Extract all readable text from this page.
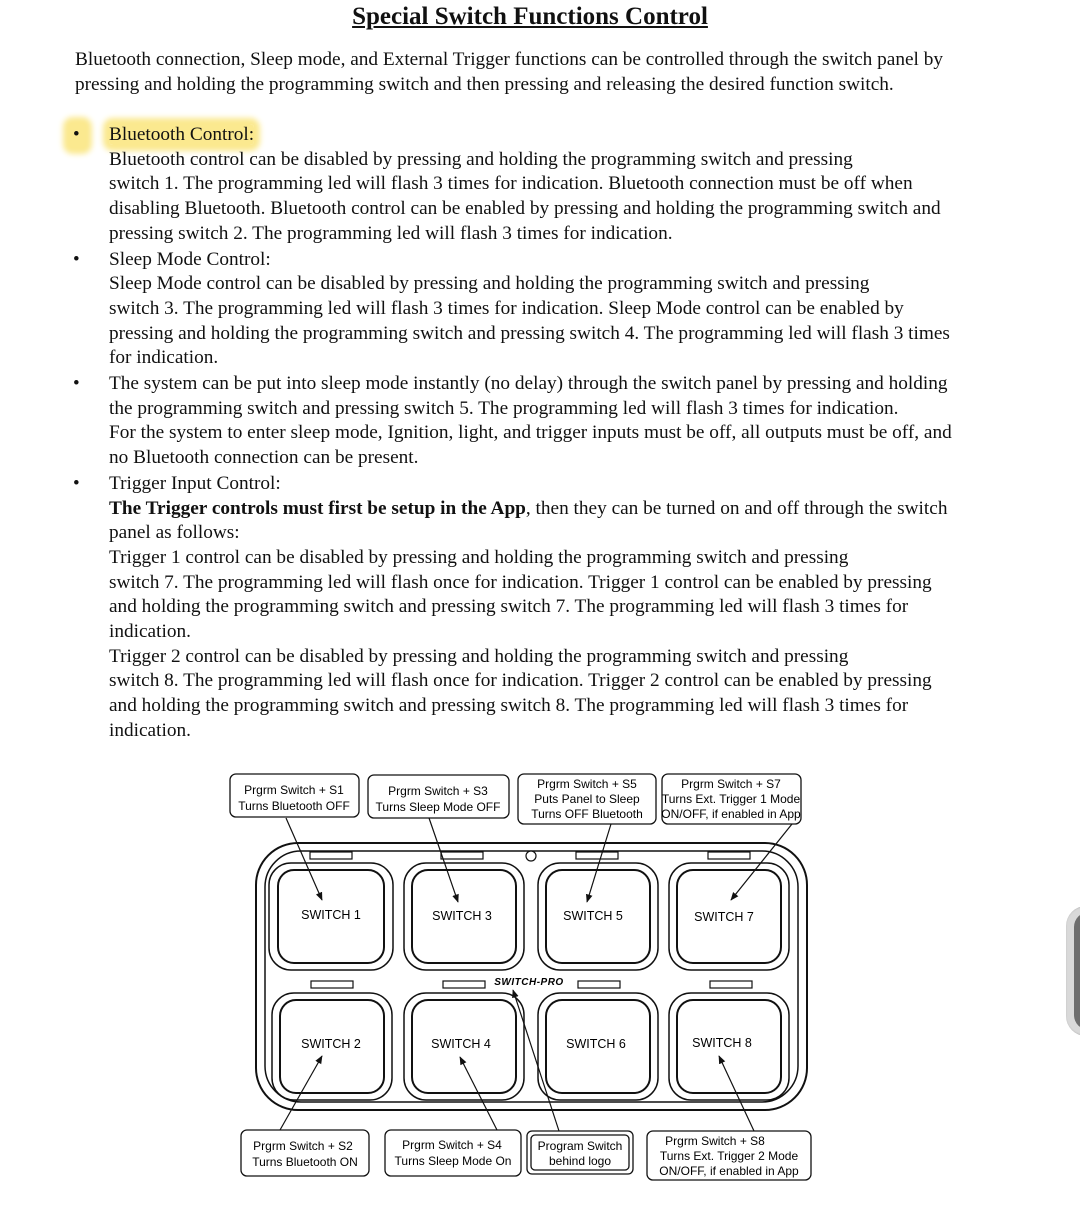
Special Switch Functions Control
Bluetooth connection, Sleep mode, and External Trigger functions can be controlled through the switch panel by
pressing and holding the programming switch and then pressing and releasing the desired function switch.
•	Bluetooth Control:
Bluetooth control can be disabled by pressing and holding the programming switch and pressing
switch 1. The programming led will flash 3 times for indication. Bluetooth connection must be off when
disabling Bluetooth. Bluetooth control can be enabled by pressing and holding the programming switch and
pressing switch 2. The programming led will flash 3 times for indication.
• Sleep Mode Control:
Sleep Mode control can be disabled by pressing and holding the programming switch and pressing
switch 3. The programming led will flash 3 times for indication. Sleep Mode control can be enabled by
pressing and holding the programming switch and pressing switch 4. The programming led will flash 3 times
for indication.
• The system can be put into sleep mode instantly (no delay) through the switch panel by pressing and holding
the programming switch and pressing switch 5. The programming led will flash 3 times for indication.
For the system to enter sleep mode, Ignition, light, and trigger inputs must be off, all outputs must be off, and
no Bluetooth connection can be present.
• Trigger Input Control:
The Trigger controls must first be setup in the App, then they can be turned on and off through the switch
panel as follows:
Trigger 1 control can be disabled by pressing and holding the programming switch and pressing
switch 7. The programming led will flash once for indication. Trigger 1 control can be enabled by pressing
and holding the programming switch and pressing switch 7. The programming led will flash 3 times for
indication.
Trigger 2 control can be disabled by pressing and holding the programming switch and pressing
switch 8. The programming led will flash once for indication. Trigger 2 control can be enabled by pressing
and holding the programming switch and pressing switch 8. The programming led will flash 3 times for
indication.
SWITCH 1	SWITCH 3	SWITCH 5	SWITCH 7
SWITCH-PRO
SWITCH 2	SWITCH 4	SWITCH 6	SWITCH 8
Prgrm Switch + S1
Turns Bluetooth OFF
Prgrm Switch + S3
Turns Sleep Mode OFF
Prgrm Switch + S5
Puts Panel to Sleep
Turns OFF Bluetooth
Prgrm Switch + S7
Turns Ext. Trigger 1 Mode
ON/OFF, if enabled in App
Prgrm Switch + S2
Turns Bluetooth ON
Prgrm Switch + S4
Turns Sleep Mode On
Program Switch
behind logo
Prgrm Switch + S8
Turns Ext. Trigger 2 Mode
ON/OFF, if enabled in App
